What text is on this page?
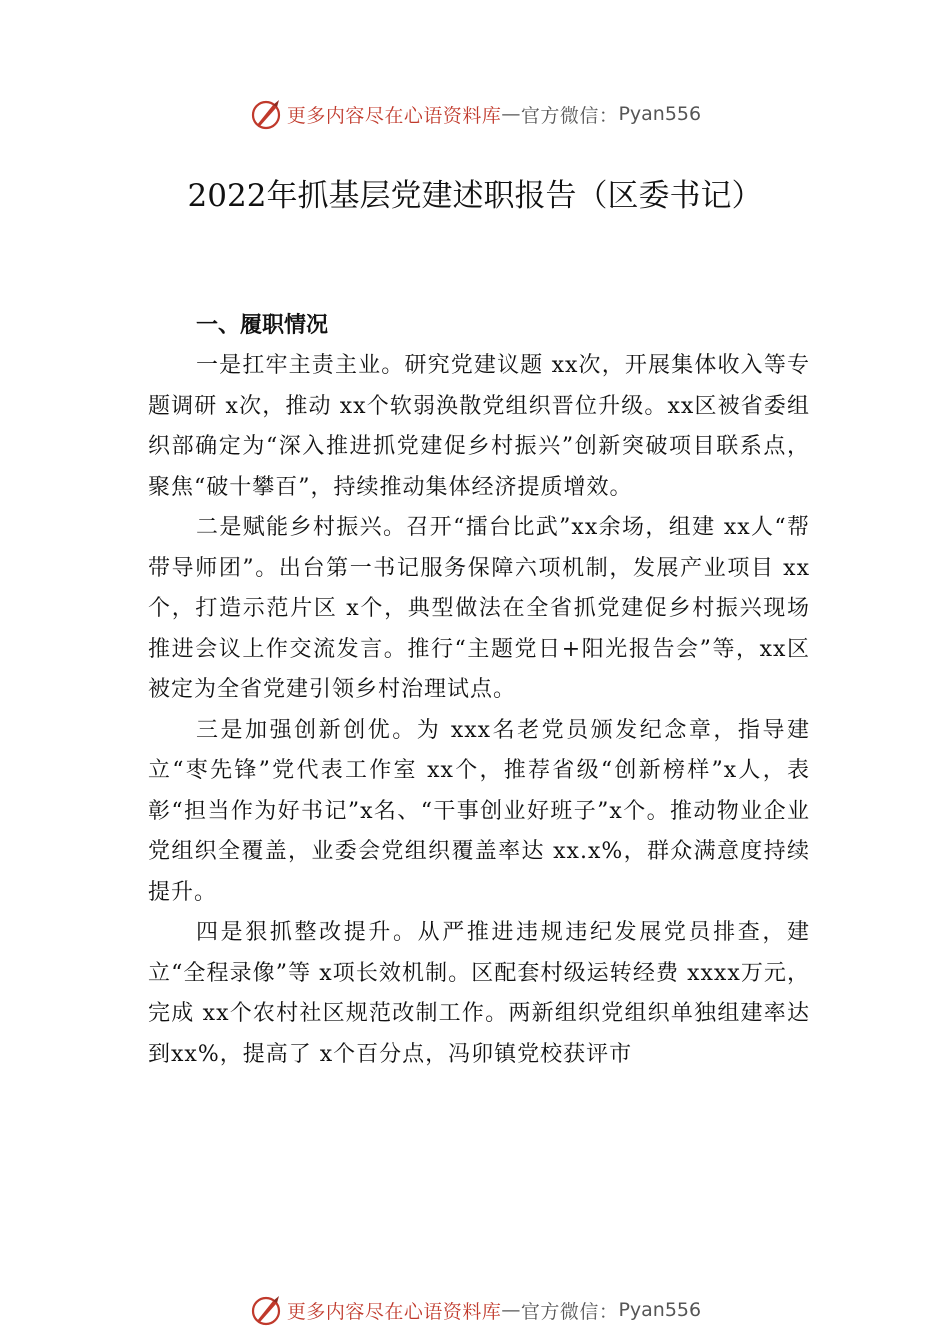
更多内容尽在心语资料库 — 官方微信： Pyan556
2022年抓基层党建述职报告（区委书记）

一、履职情况

一是扛牢主责主业。研究党建议题 xx次，开展集体收入等专题调研 x次，推动 xx个软弱涣散党组织晋位升级。xx区被省委组织部确定为“深入推进抓党建促乡村振兴”创新突破项目联系点，聚焦“破十攀百”，持续推动集体经济提质增效。

二是赋能乡村振兴。召开“擂台比武”xx余场，组建 xx人“帮带导师团”。出台第一书记服务保障六项机制，发展产业项目 xx个，打造示范片区 x个，典型做法在全省抓党建促乡村振兴现场推进会议上作交流发言。推行“主题党日+阳光报告会”等，xx区被定为全省党建引领乡村治理试点。

三是加强创新创优。为 xxx名老党员颁发纪念章，指导建立“枣先锋”党代表工作室 xx个，推荐省级“创新榜样”x人，表彰“担当作为好书记”x名、“干事创业好班子”x个。推动物业企业党组织全覆盖，业委会党组织覆盖率达 xx.x%，群众满意度持续提升。

四是狠抓整改提升。从严推进违规违纪发展党员排查，建立“全程录像”等 x项长效机制。区配套村级运转经费 xxxx万元，完成 xx个农村社区规范改制工作。两新组织党组织单独组建率达到xx%，提高了 x个百分点，冯卯镇党校获评市

更多内容尽在心语资料库 — 官方微信： Pyan556
